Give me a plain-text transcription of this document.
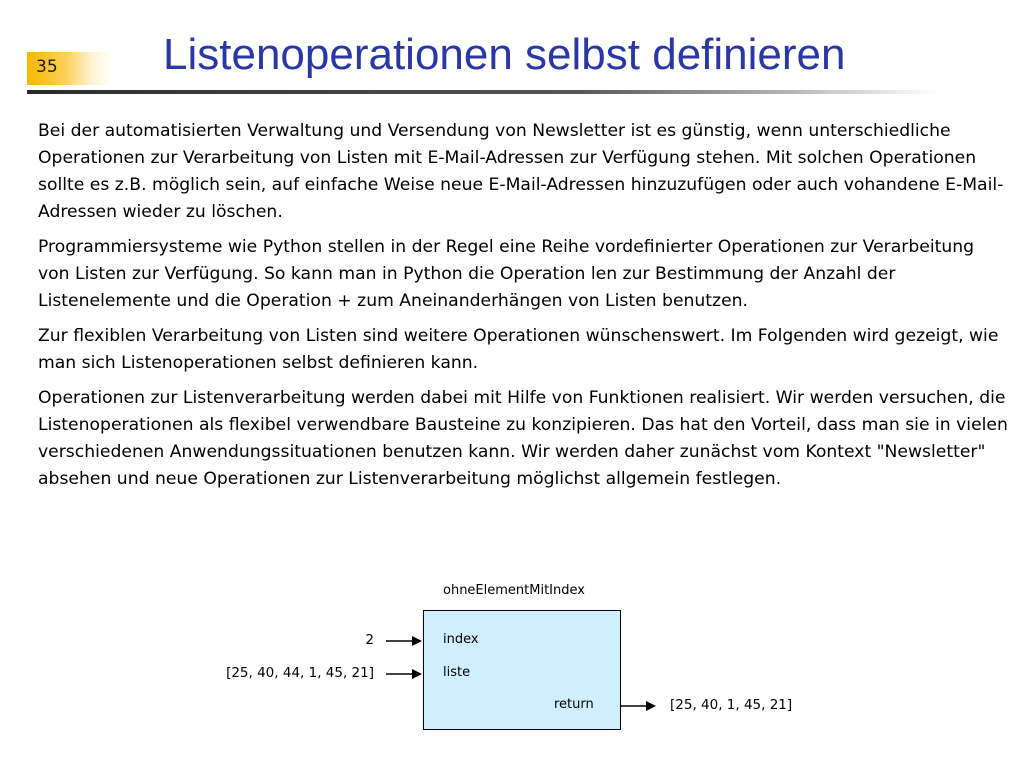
35 Listenoperationen selbst definieren

Bei der automatisierten Verwaltung und Versendung von Newsletter ist es günstig, wenn unterschiedliche Operationen zur Verarbeitung von Listen mit E-Mail-Adressen zur Verfügung stehen. Mit solchen Operationen sollte es z.B. möglich sein, auf einfache Weise neue E-Mail-Adressen hinzuzufügen oder auch vohandene E-Mail-Adressen wieder zu löschen.

Programmiersysteme wie Python stellen in der Regel eine Reihe vordefinierter Operationen zur Verarbeitung von Listen zur Verfügung. So kann man in Python die Operation len zur Bestimmung der Anzahl der Listenelemente und die Operation + zum Aneinanderhängen von Listen benutzen.

Zur flexiblen Verarbeitung von Listen sind weitere Operationen wünschenswert. Im Folgenden wird gezeigt, wie man sich Listenoperationen selbst definieren kann.

Operationen zur Listenverarbeitung werden dabei mit Hilfe von Funktionen realisiert. Wir werden versuchen, die Listenoperationen als flexibel verwendbare Bausteine zu konzipieren. Das hat den Vorteil, dass man sie in vielen verschiedenen Anwendungssituationen benutzen kann. Wir werden daher zunächst vom Kontext "Newsletter" absehen und neue Operationen zur Listenverarbeitung möglichst allgemein festlegen.

ohneElementMitIndex
index
liste
return
2
[25, 40, 44, 1, 45, 21]
[25, 40, 1, 45, 21]
